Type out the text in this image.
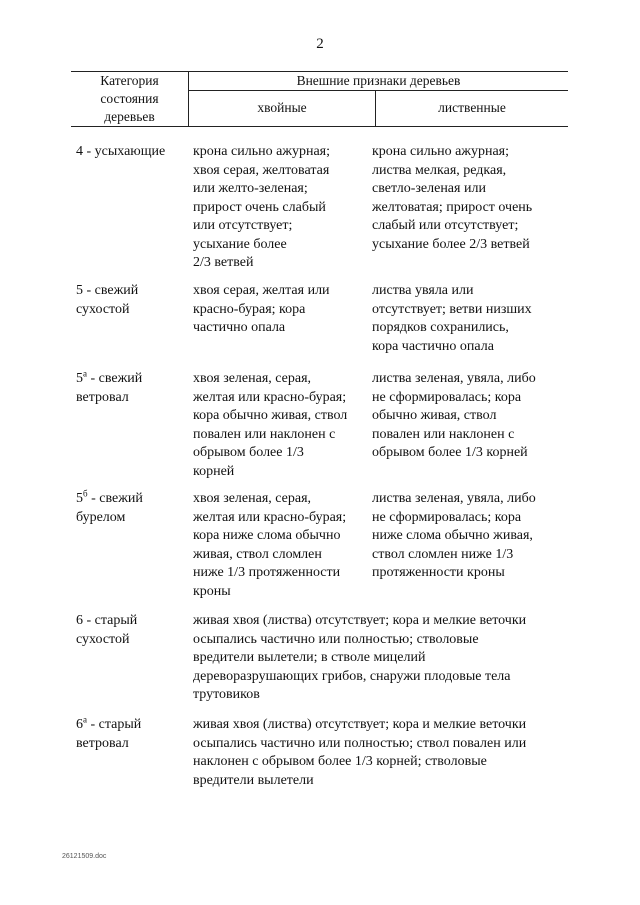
2
Категория
состояния
деревьев
Внешние признаки деревьев
хвойные	лиственные
4 - усыхающие	крона сильно ажурная;
хвоя серая, желтоватая
или желто-зеленая;
прирост очень слабый
или отсутствует;
усыхание более
2/3 ветвей
крона сильно ажурная;
листва мелкая, редкая,
светло-зеленая или
желтоватая; прирост очень
слабый или отсутствует;
усыхание более 2/3 ветвей
5 - свежий
сухостой
хвоя серая, желтая или
красно-бурая; кора
частично опала
листва увяла или
отсутствует; ветви низших
порядков сохранились,
кора частично опала
$5^а$ - свежий
ветровал
хвоя зеленая, серая,
желтая или красно-бурая;
кора обычно живая, ствол
повален или наклонен с
обрывом более 1/3
корней
листва зеленая, увяла, либо
не сформировалась; кора
обычно живая, ствол
повален или наклонен с
обрывом более 1/3 корней
$5^б$ - свежий
бурелом
хвоя зеленая, серая,
желтая или красно-бурая;
кора ниже слома обычно
живая, ствол сломлен
ниже 1/3 протяженности
кроны
листва зеленая, увяла, либо
не сформировалась; кора
ниже слома обычно живая,
ствол сломлен ниже 1/3
протяженности кроны
6 - старый
сухостой
живая хвоя (листва) отсутствует; кора и мелкие веточки
осыпались частично или полностью; стволовые
вредители вылетели; в стволе мицелий
дереворазрушающих грибов, снаружи плодовые тела
трутовиков
$6^а$ - старый
ветровал
живая хвоя (листва) отсутствует; кора и мелкие веточки
осыпались частично или полностью; ствол повален или
наклонен с обрывом более 1/3 корней; стволовые
вредители вылетели
26121509.doc
